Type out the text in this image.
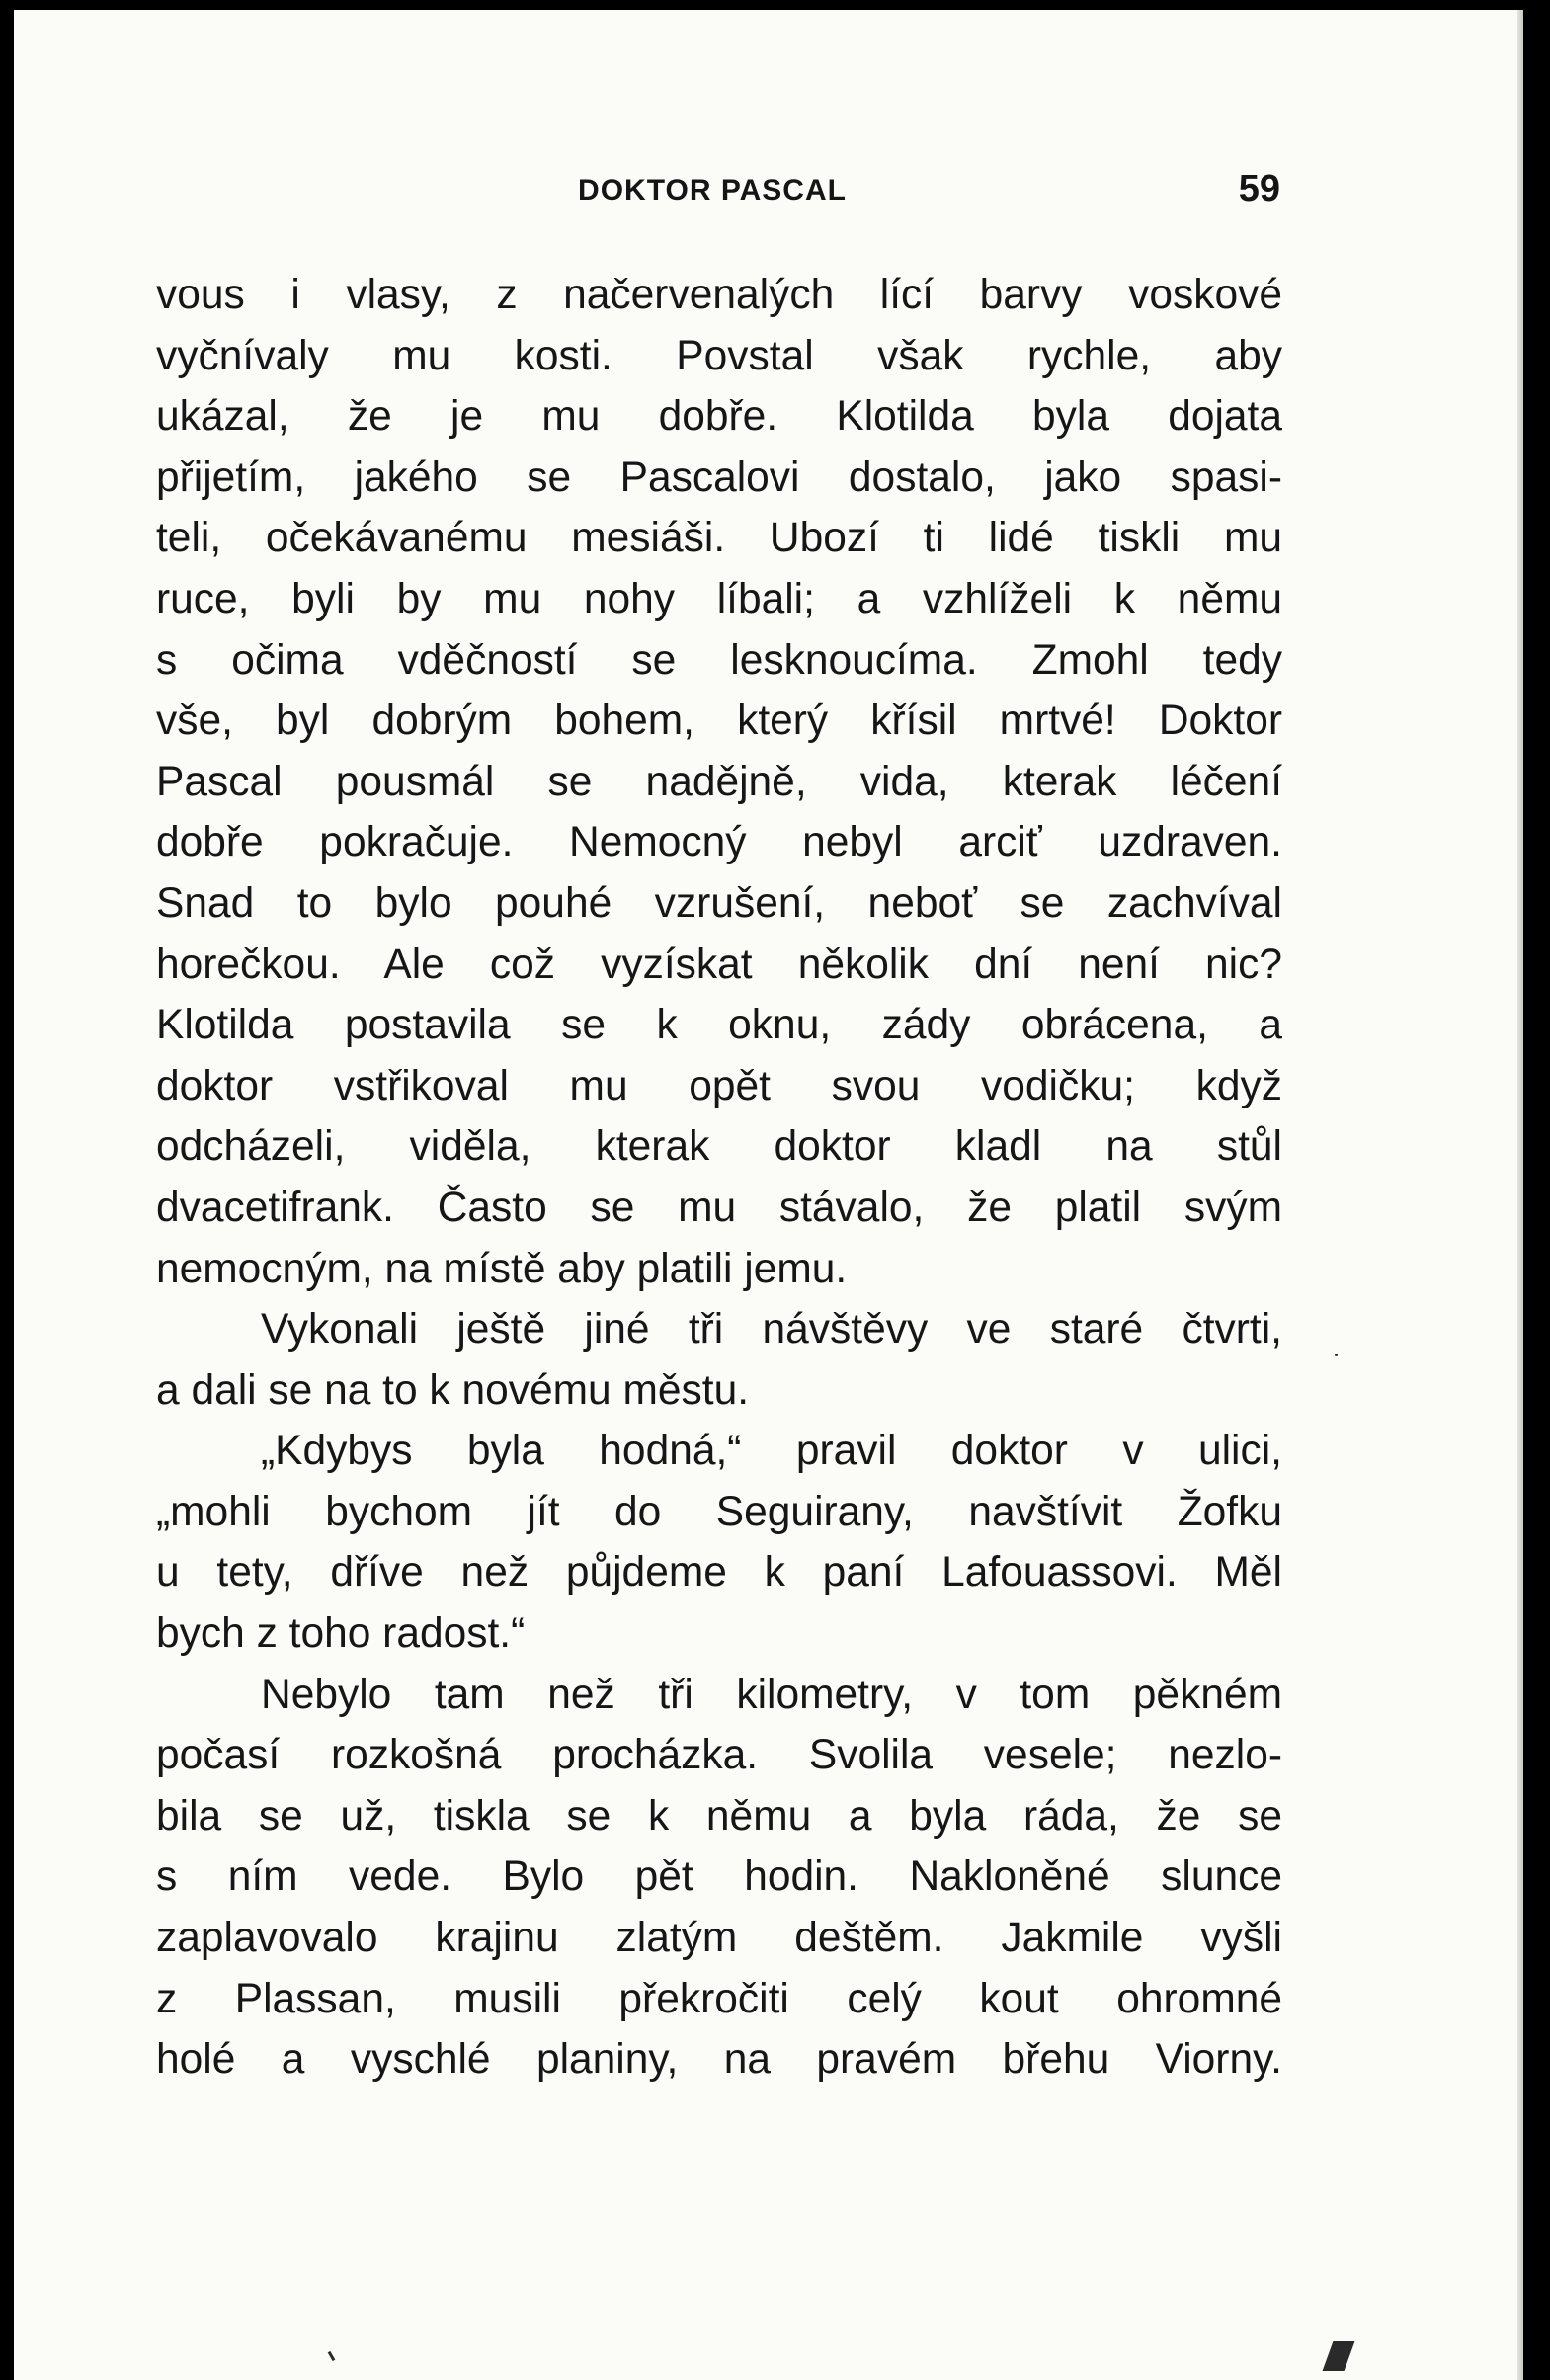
DOKTOR PASCAL	59
vous i vlasy, z načervenalých lící barvy voskové
vyčnívaly mu kosti. Povstal však rychle, aby
ukázal, že je mu dobře. Klotilda byla dojata
přijetím, jakého se Pascalovi dostalo, jako spasi-
teli, očekávanému mesiáši. Ubozí ti lidé tiskli mu
ruce, byli by mu nohy líbali; a vzhlíželi k němu
s očima vděčností se lesknoucíma. Zmohl tedy
vše, byl dobrým bohem, který křísil mrtvé! Doktor
Pascal pousmál se nadějně, vida, kterak léčení
dobře pokračuje. Nemocný nebyl arciť uzdraven.
Snad to bylo pouhé vzrušení, neboť se zachvíval
horečkou. Ale což vyzískat několik dní není nic?
Klotilda postavila se k oknu, zády obrácena, a
doktor vstřikoval mu opět svou vodičku; když
odcházeli, viděla, kterak doktor kladl na stůl
dvacetifrank. Často se mu stávalo, že platil svým
nemocným, na místě aby platili jemu.
Vykonali ještě jiné tři návštěvy ve staré čtvrti,
a dali se na to k novému městu.
„Kdybys byla hodná,“ pravil doktor v ulici,
„mohli bychom jít do Seguirany, navštívit Žofku
u tety, dříve než půjdeme k paní Lafouassovi. Měl
bych z toho radost.“
Nebylo tam než tři kilometry, v tom pěkném
počasí rozkošná procházka. Svolila vesele; nezlo-
bila se už, tiskla se k němu a byla ráda, že se
s ním vede. Bylo pět hodin. Nakloněné slunce
zaplavovalo krajinu zlatým deštěm. Jakmile vyšli
z Plassan, musili překročiti celý kout ohromné
holé a vyschlé planiny, na pravém břehu Viorny.
